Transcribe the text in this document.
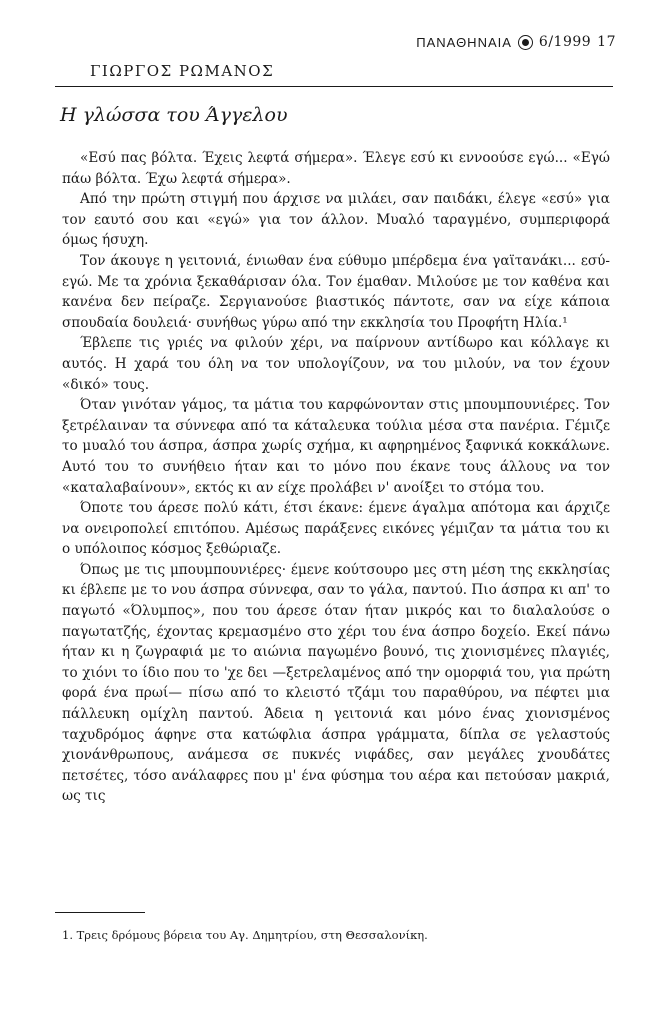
ΠΑΝΑΘΗΝΑΙΑ 6/1999 17
ΓΙΩΡΓΟΣ ΡΩΜΑΝΟΣ
Η γλώσσα του Άγγελου

«Εσύ πας βόλτα. Έχεις λεφτά σήμερα». Έλεγε εσύ κι εννοούσε εγώ... «Εγώ πάω βόλτα. Έχω λεφτά σήμερα».

Από την πρώτη στιγμή που άρχισε να μιλάει, σαν παιδάκι, έλεγε «εσύ» για τον εαυτό σου και «εγώ» για τον άλλον. Μυαλό ταραγμένο, συμπεριφορά όμως ήσυχη.

Τον άκουγε η γειτονιά, ένιωθαν ένα εύθυμο μπέρδεμα ένα γαϊτανάκι... εσύ-εγώ. Με τα χρόνια ξεκαθάρισαν όλα. Τον έμαθαν. Μιλούσε με τον καθένα και κανένα δεν πείραζε. Σεργιανούσε βιαστικός πάντοτε, σαν να είχε κάποια σπουδαία δουλειά· συνήθως γύρω από την εκκλησία του Προφήτη Ηλία.¹

Έβλεπε τις γριές να φιλούν χέρι, να παίρνουν αντίδωρο και κόλλαγε κι αυτός. Η χαρά του όλη να τον υπολογίζουν, να του μιλούν, να τον έχουν «δικό» τους.

Όταν γινόταν γάμος, τα μάτια του καρφώνονταν στις μπουμπουνιέρες. Τον ξετρέλαιναν τα σύννεφα από τα κάταλευκα τούλια μέσα στα πανέρια. Γέμιζε το μυαλό του άσπρα, άσπρα χωρίς σχήμα, κι αφηρημένος ξαφνικά κοκκάλωνε. Αυτό του το συνήθειο ήταν και το μόνο που έκανε τους άλλους να τον «καταλαβαίνουν», εκτός κι αν είχε προλάβει ν' ανοίξει το στόμα του.

Όποτε του άρεσε πολύ κάτι, έτσι έκανε: έμενε άγαλμα απότομα και άρχιζε να ονειροπολεί επιτόπου. Αμέσως παράξενες εικόνες γέμιζαν τα μάτια του κι ο υπόλοιπος κόσμος ξεθώριαζε.

Όπως με τις μπουμπουνιέρες· έμενε κούτσουρο μες στη μέση της εκκλησίας κι έβλεπε με το νου άσπρα σύννεφα, σαν το γάλα, παντού. Πιο άσπρα κι απ' το παγωτό «Όλυμπος», που του άρεσε όταν ήταν μικρός και το διαλαλούσε ο παγωτατζής, έχοντας κρεμασμένο στο χέρι του ένα άσπρο δοχείο. Εκεί πάνω ήταν κι η ζωγραφιά με το αιώνια παγωμένο βουνό, τις χιονισμένες πλαγιές, το χιόνι το ίδιο που το 'χε δει —ξετρελαμένος από την ομορφιά του, για πρώτη φορά ένα πρωί— πίσω από το κλειστό τζάμι του παραθύρου, να πέφτει μια πάλλευκη ομίχλη παντού. Άδεια η γειτονιά και μόνο ένας χιονισμένος ταχυδρόμος άφηνε στα κατώφλια άσπρα γράμματα, δίπλα σε γελαστούς χιονάνθρωπους, ανάμεσα σε πυκνές νιφάδες, σαν μεγάλες χνουδάτες πετσέτες, τόσο ανάλαφρες που μ' ένα φύσημα του αέρα και πετούσαν μακριά, ως τις

1. Τρεις δρόμους βόρεια του Αγ. Δημητρίου, στη Θεσσαλονίκη.
